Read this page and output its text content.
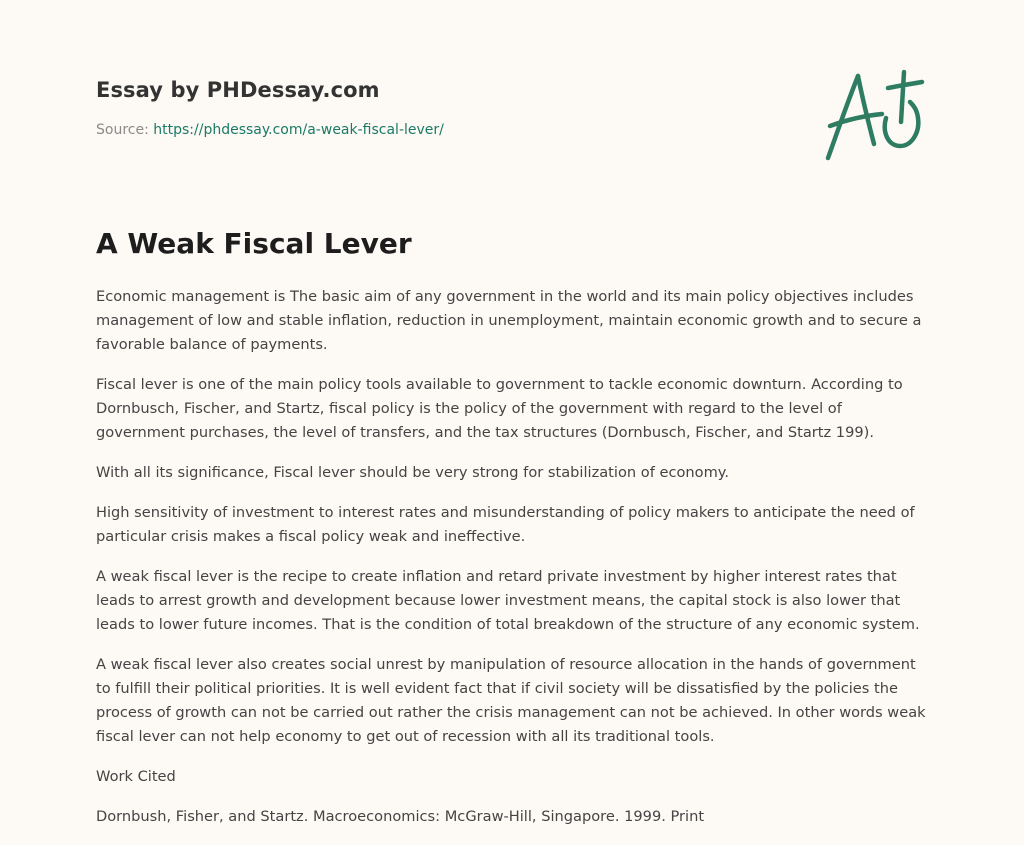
Essay by PHDessay.com
Source: https://phdessay.com/a-weak-fiscal-lever/
A Weak Fiscal Lever

Economic management is The basic aim of any government in the world and its main policy objectives includes management of low and stable inflation, reduction in unemployment, maintain economic growth and to secure a favorable balance of payments.

Fiscal lever is one of the main policy tools available to government to tackle economic downturn. According to Dornbusch, Fischer, and Startz, fiscal policy is the policy of the government with regard to the level of government purchases, the level of transfers, and the tax structures (Dornbusch, Fischer, and Startz 199).

With all its significance, Fiscal lever should be very strong for stabilization of economy.

High sensitivity of investment to interest rates and misunderstanding of policy makers to anticipate the need of particular crisis makes a fiscal policy weak and ineffective.

A weak fiscal lever is the recipe to create inflation and retard private investment by higher interest rates that leads to arrest growth and development because lower investment means, the capital stock is also lower that leads to lower future incomes. That is the condition of total breakdown of the structure of any economic system.

A weak fiscal lever also creates social unrest by manipulation of resource allocation in the hands of government to fulfill their political priorities. It is well evident fact that if civil society will be dissatisfied by the policies the process of growth can not be carried out rather the crisis management can not be achieved. In other words weak fiscal lever can not help economy to get out of recession with all its traditional tools.

Work Cited

Dornbush, Fisher, and Startz. Macroeconomics: McGraw-Hill, Singapore. 1999. Print
